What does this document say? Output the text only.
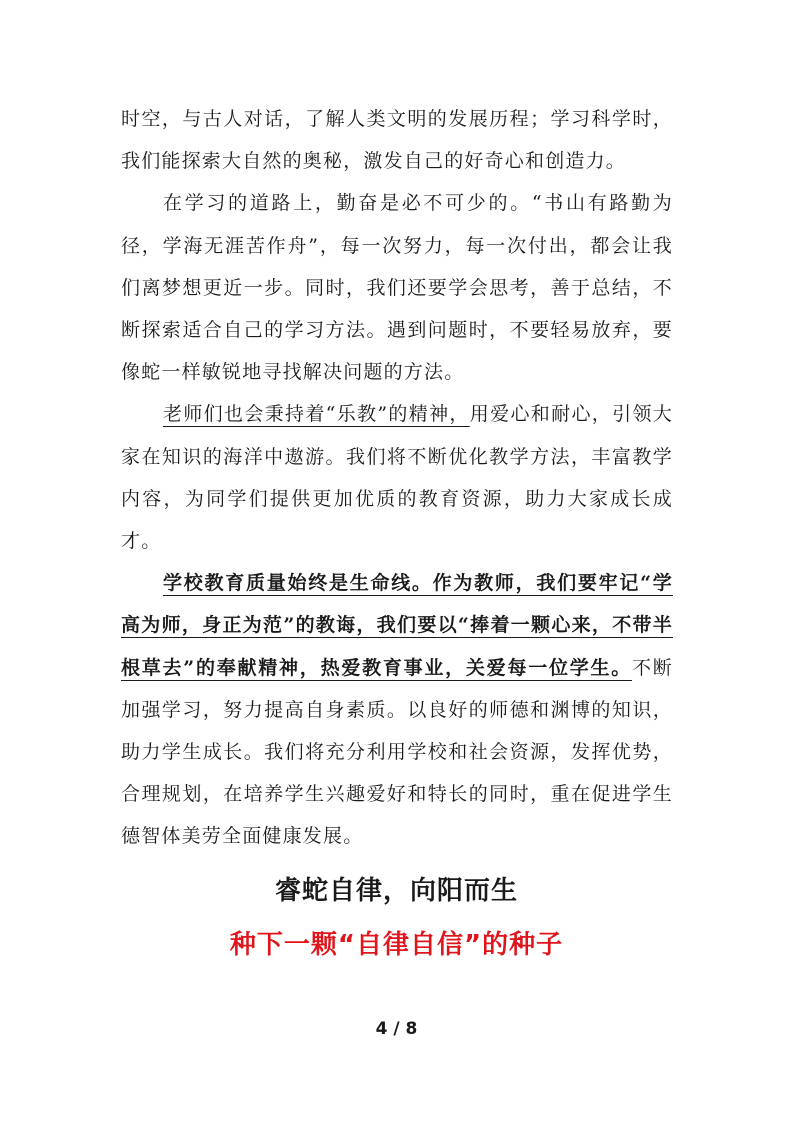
时空，与古人对话，了解人类文明的发展历程；学习科学时，我们能探索大自然的奥秘，激发自己的好奇心和创造力。

在学习的道路上，勤奋是必不可少的。“书山有路勤为径，学海无涯苦作舟”，每一次努力，每一次付出，都会让我们离梦想更近一步。同时，我们还要学会思考，善于总结，不断探索适合自己的学习方法。遇到问题时，不要轻易放弃，要像蛇一样敏锐地寻找解决问题的方法。

老师们也会秉持着“乐教”的精神，用爱心和耐心，引领大家在知识的海洋中遨游。我们将不断优化教学方法，丰富教学内容，为同学们提供更加优质的教育资源，助力大家成长成才。

学校教育质量始终是生命线。作为教师，我们要牢记“学高为师，身正为范”的教诲，我们要以“捧着一颗心来，不带半根草去”的奉献精神，热爱教育事业，关爱每一位学生。不断加强学习，努力提高自身素质。以良好的师德和渊博的知识，助力学生成长。我们将充分利用学校和社会资源，发挥优势，合理规划，在培养学生兴趣爱好和特长的同时，重在促进学生德智体美劳全面健康发展。

睿蛇自律，向阳而生
种下一颗“自律自信”的种子
4 / 8
